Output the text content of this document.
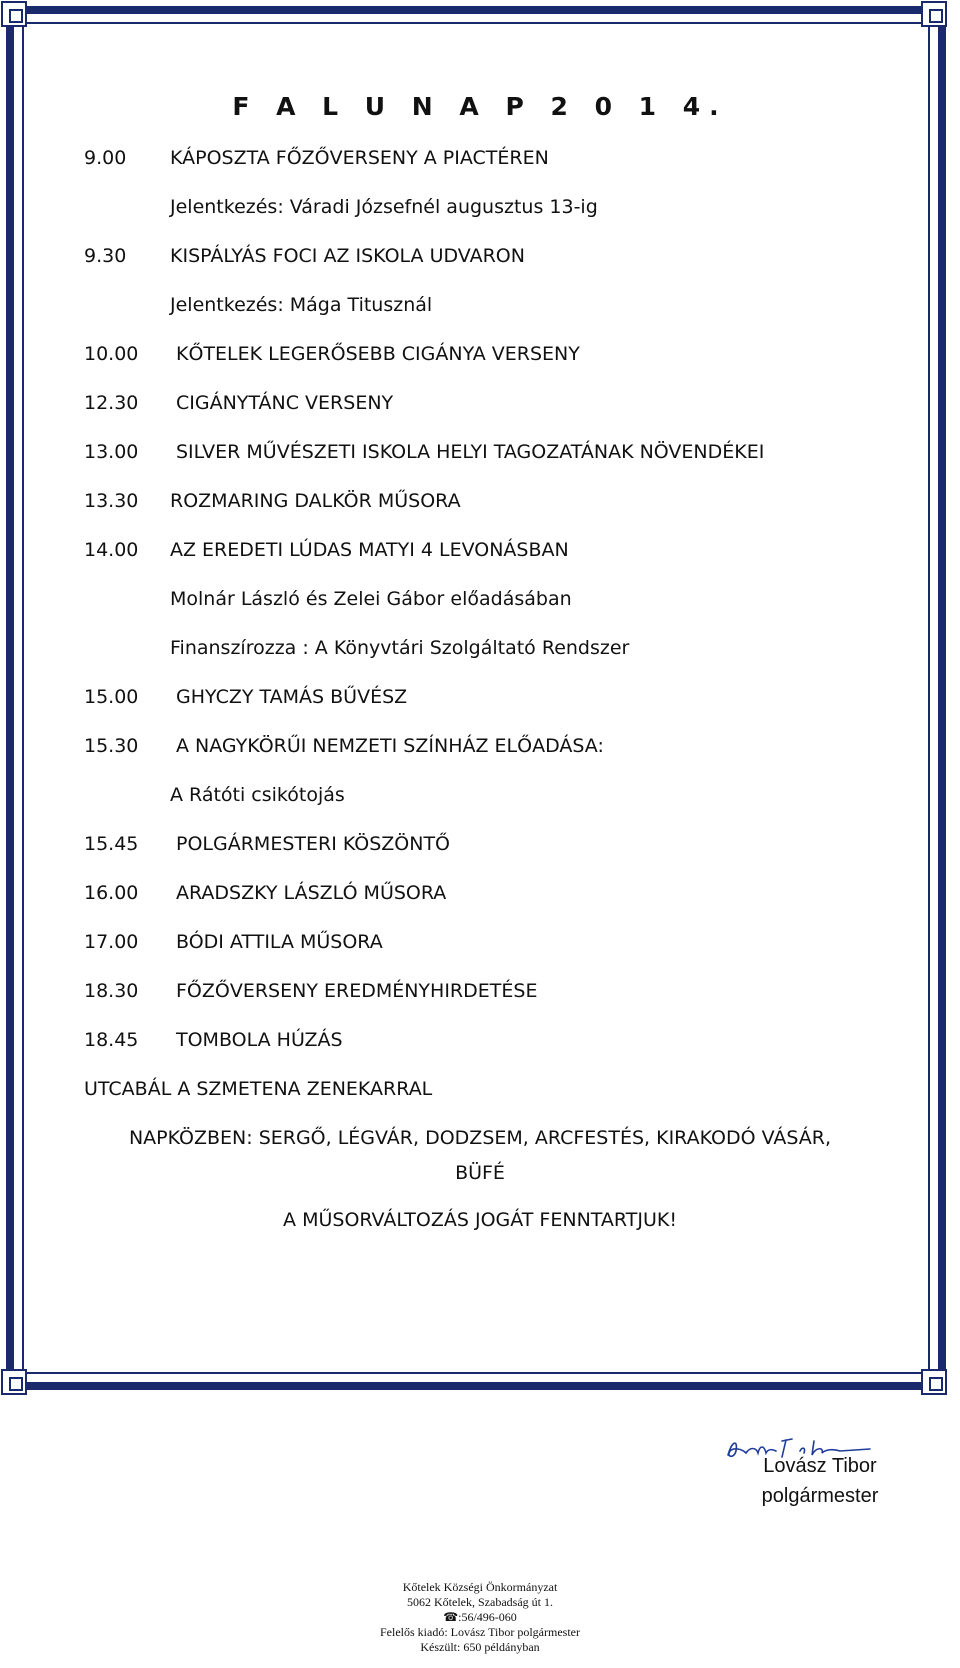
F A L U N A P 2 0 1 4.
9.00	KÁPOSZTA FŐZŐVERSENY A PIACTÉREN
Jelentkezés: Váradi Józsefnél augusztus 13-ig
9.30	KISPÁLYÁS FOCI AZ ISKOLA UDVARON
Jelentkezés: Mága Titusznál
10.00	KŐTELEK LEGERŐSEBB CIGÁNYA VERSENY
12.30	CIGÁNYTÁNC VERSENY
13.00	SILVER MŰVÉSZETI ISKOLA HELYI TAGOZATÁNAK NÖVENDÉKEI
13.30	ROZMARING DALKÖR MŰSORA
14.00	AZ EREDETI LÚDAS MATYI 4 LEVONÁSBAN
Molnár László és Zelei Gábor előadásában
Finanszírozza : A Könyvtári Szolgáltató Rendszer
15.00	GHYCZY TAMÁS BŰVÉSZ
15.30	A NAGYKÖRŰI NEMZETI SZÍNHÁZ ELŐADÁSA:
A Rátóti csikótojás
15.45	POLGÁRMESTERI KÖSZÖNTŐ
16.00	ARADSZKY LÁSZLÓ MŰSORA
17.00	BÓDI ATTILA MŰSORA
18.30	FŐZŐVERSENY EREDMÉNYHIRDETÉSE
18.45	TOMBOLA HÚZÁS
UTCABÁL A SZMETENA ZENEKARRAL
NAPKÖZBEN: SERGŐ, LÉGVÁR, DODZSEM, ARCFESTÉS, KIRAKODÓ VÁSÁR,
BÜFÉ
A MŰSORVÁLTOZÁS JOGÁT FENNTARTJUK!
Lovász Tibor
polgármester
Kőtelek Községi Önkormányzat
5062 Kőtelek, Szabadság út 1.
☎:56/496-060
Felelős kiadó: Lovász Tibor polgármester
Készült: 650 példányban
